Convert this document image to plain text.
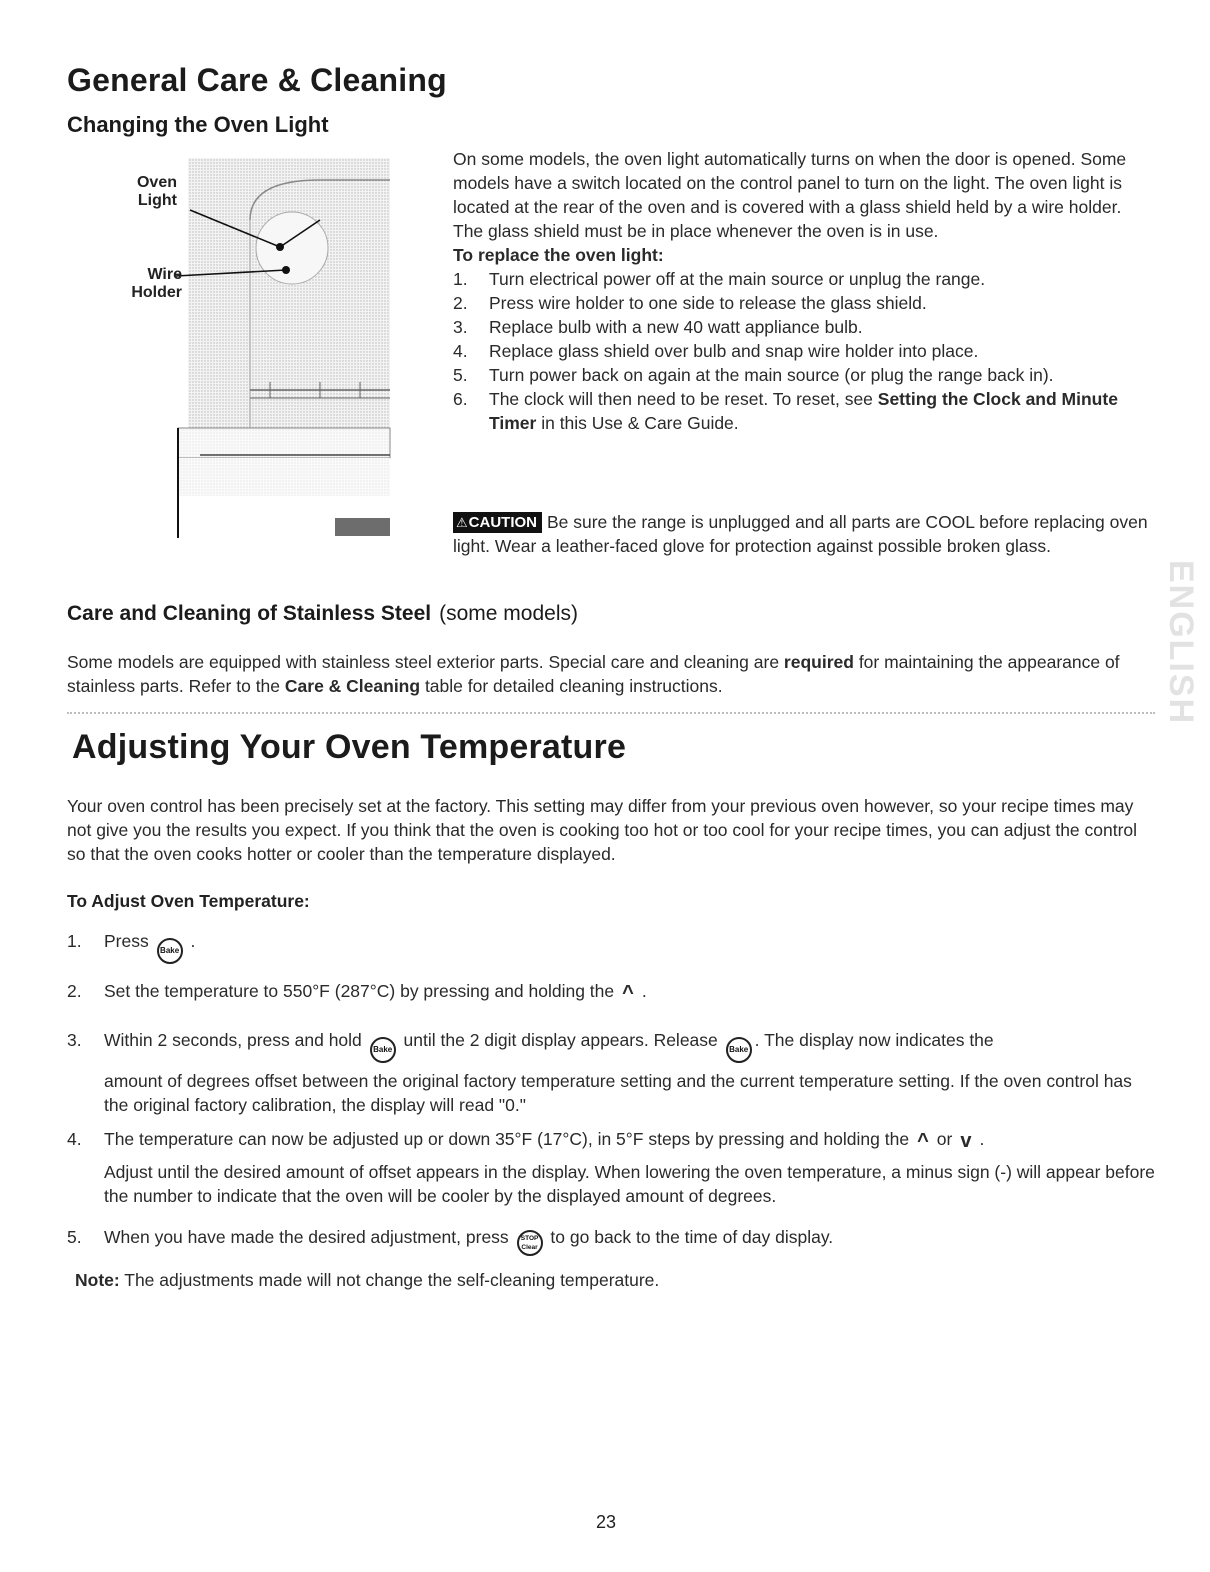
General Care & Cleaning
Changing the Oven Light
Oven
Light
Wire
Holder

On some models, the oven light automatically turns on when the door is opened. Some models have a switch located on the control panel to turn on the light. The oven light is located at the rear of the oven and is covered with a glass shield held by a wire holder. The glass shield must be in place whenever the oven is in use.

To replace the oven light:

1.	Turn electrical power off at the main source or unplug the range.
2.	Press wire holder to one side to release the glass shield.
3.	Replace bulb with a new 40 watt appliance bulb.
4.	Replace glass shield over bulb and snap wire holder into place.
5.	Turn power back on again at the main source (or plug the range back in).
6.	The clock will then need to be reset. To reset, see Setting the Clock and Minute Timer in this Use & Care Guide.
⚠CAUTION Be sure the range is unplugged and all parts are COOL before replacing oven light. Wear a leather-faced glove for protection against possible broken glass.
Care and Cleaning of Stainless Steel (some models)
Some models are equipped with stainless steel exterior parts. Special care and cleaning are required for maintaining the appearance of stainless parts. Refer to the Care & Cleaning table for detailed cleaning instructions.	ENGLISH
Adjusting Your Oven Temperature
Your oven control has been precisely set at the factory. This setting may differ from your previous oven however, so your recipe times may not give you the results you expect. If you think that the oven is cooking too hot or too cool for your recipe times, you can adjust the control so that the oven cooks hotter or cooler than the temperature displayed.
To Adjust Oven Temperature:
1. Press Bake .
2. Set the temperature to 550°F (287°C) by pressing and holding the ^ .
3. Within 2 seconds, press and hold Bake until the 2 digit display appears. Release Bake . The display now indicates the
amount of degrees offset between the original factory temperature setting and the current temperature setting. If the oven control has the original factory calibration, the display will read "0."
4. The temperature can now be adjusted up or down 35°F (17°C), in 5°F steps by pressing and holding the ^ or v .
Adjust until the desired amount of offset appears in the display. When lowering the oven temperature, a minus sign (-) will appear before the number to indicate that the oven will be cooler by the displayed amount of degrees.
5. When you have made the desired adjustment, press STOP
Clear to go back to the time of day display.
Note: The adjustments made will not change the self-cleaning temperature.
23
